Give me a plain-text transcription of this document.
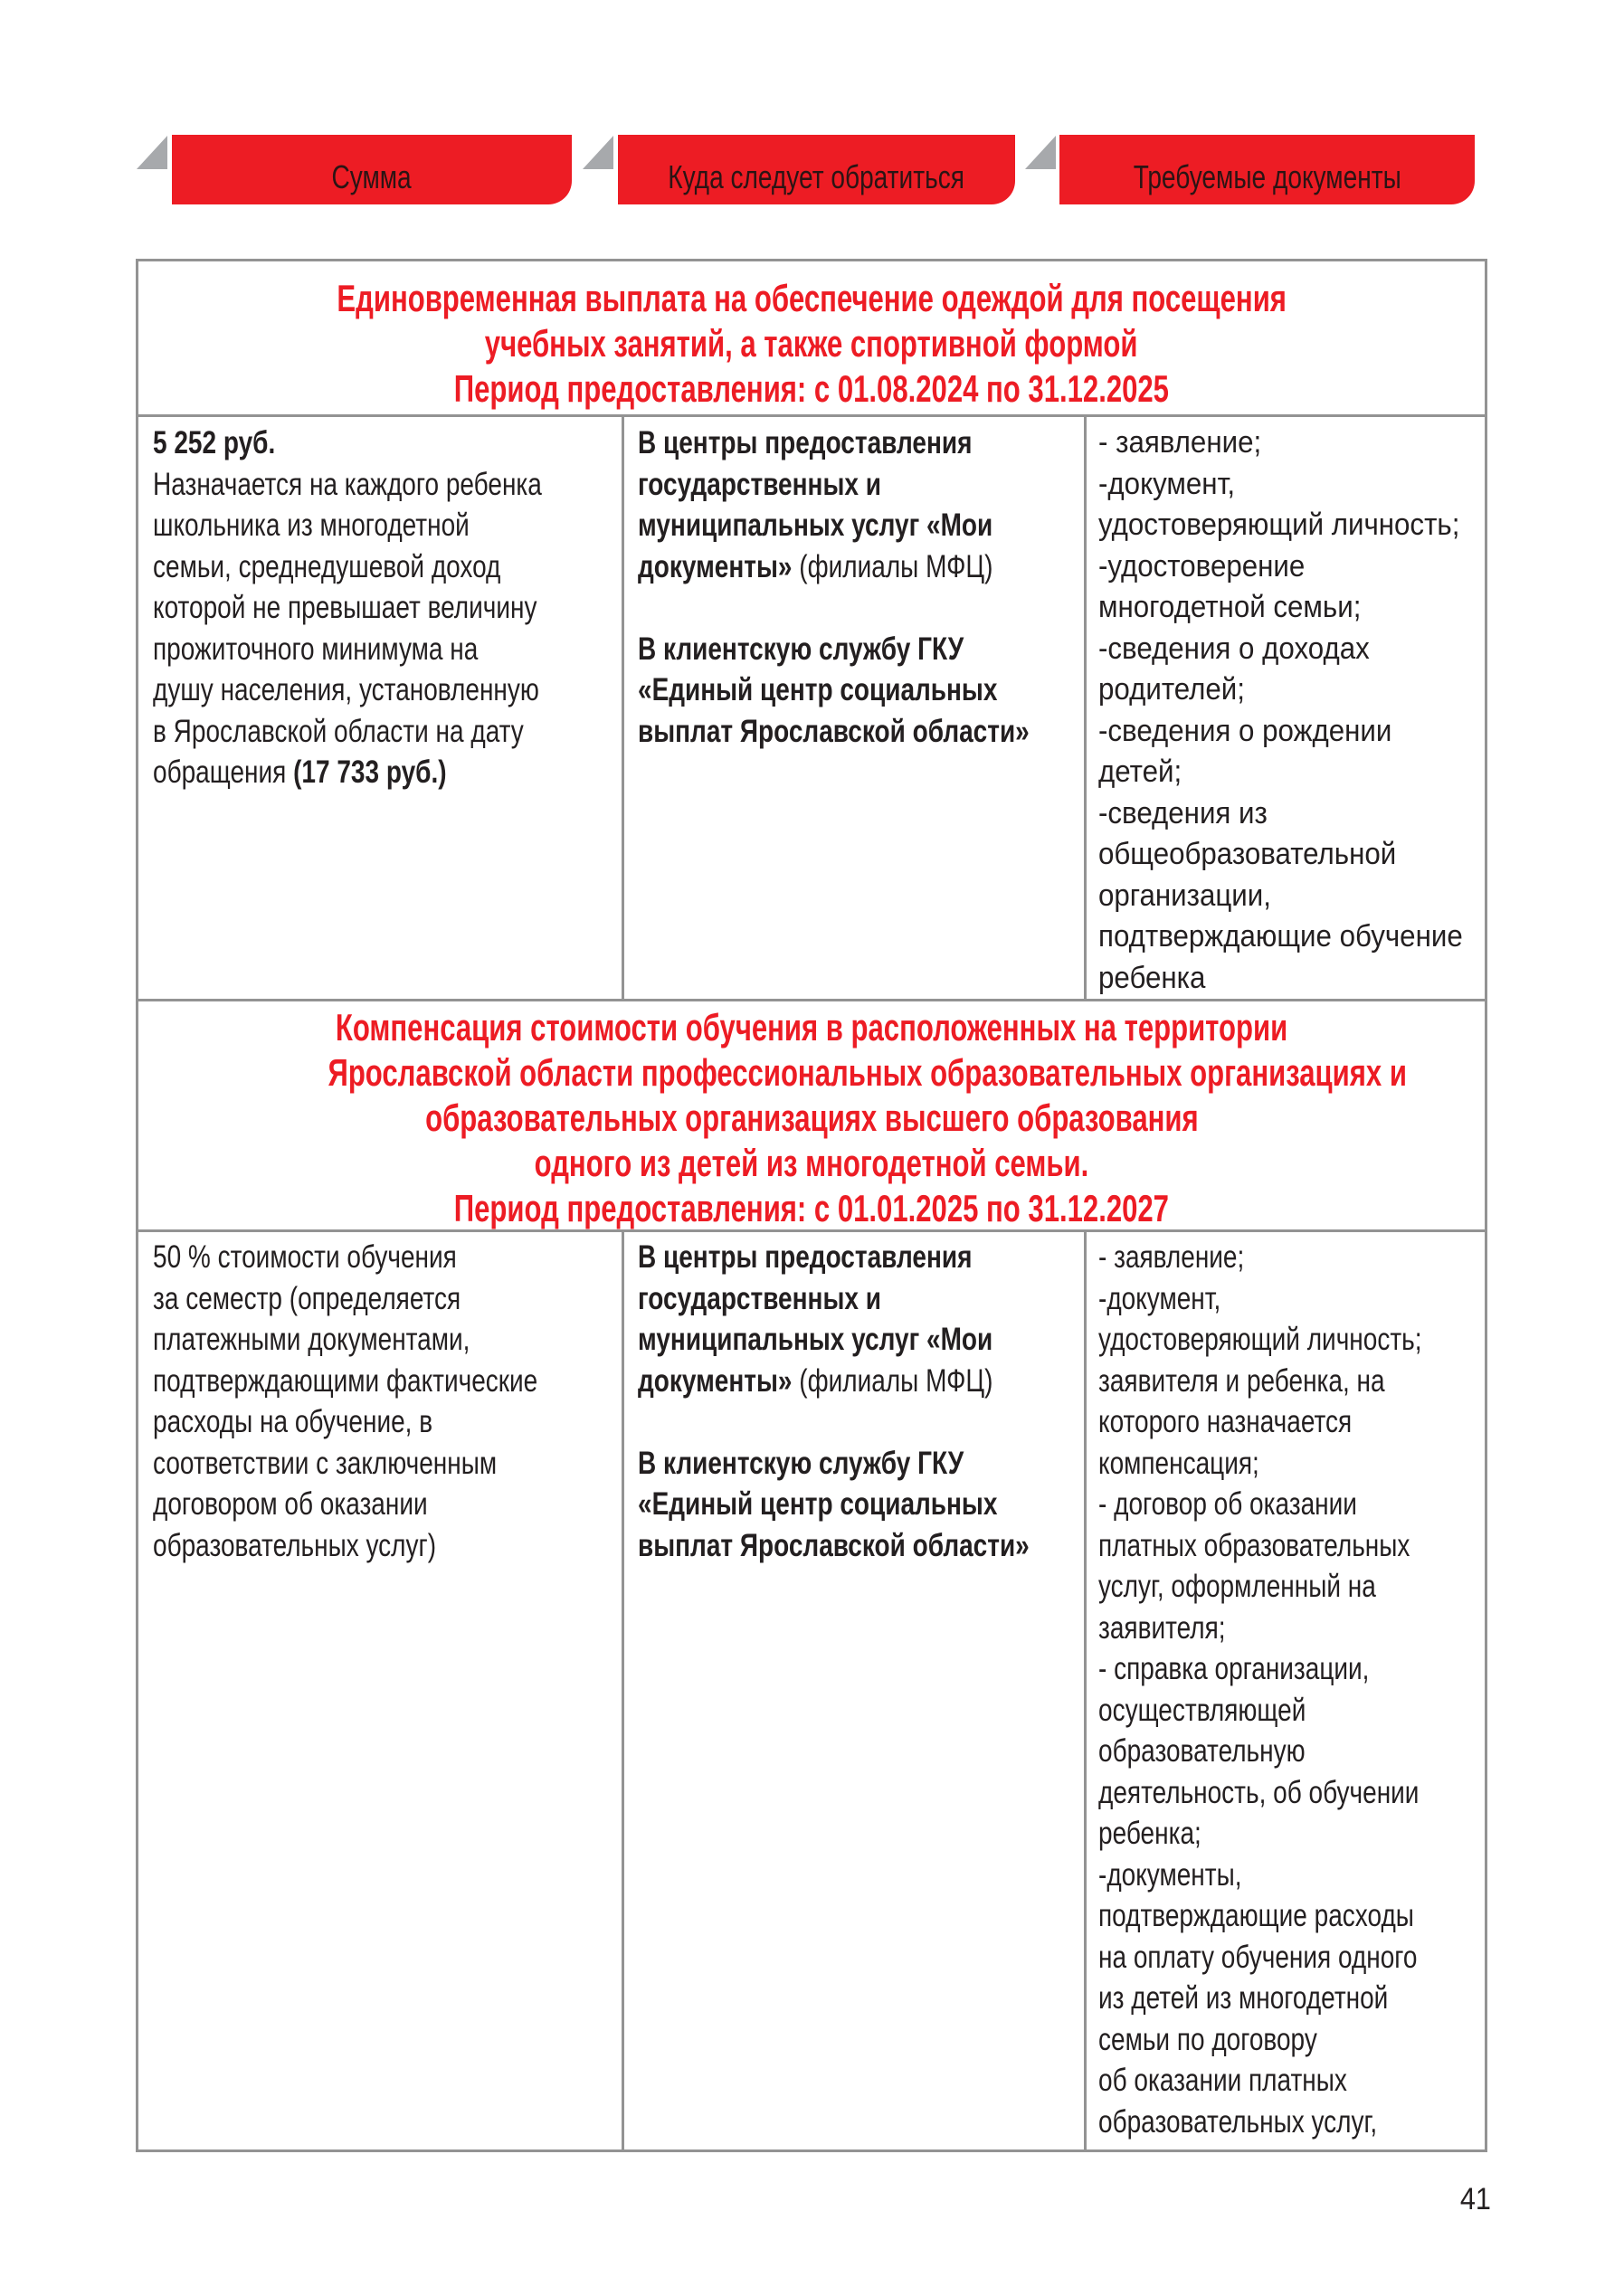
Сумма	Куда следует обратиться	Требуемые документы
Единовременная выплата на обеспечение одеждой для посещения
учебных занятий, а также спортивной формой
Период предоставления: с 01.08.2024 по 31.12.2025
5 252 руб.
Назначается на каждого ребенка
школьника из многодетной
семьи, среднедушевой доход
которой не превышает величину
прожиточного минимума на
душу населения, установленную
в Ярославской области на дату
обращения (17 733 руб.)
В центры предоставления
государственных и
муниципальных услуг «Мои
документы» (филиалы МФЦ)
В клиентскую службу ГКУ
«Единый центр социальных
выплат Ярославской области»
- заявление;
-документ,
удостоверяющий личность;
-удостоверение
многодетной семьи;
-сведения о доходах
родителей;
-сведения о рождении
детей;
-сведения из
общеобразовательной
организации,
подтверждающие обучение
ребенка
Компенсация стоимости обучения в расположенных на территории
Ярославской области профессиональных образовательных организациях и
образовательных организациях высшего образования
одного из детей из многодетной семьи.
Период предоставления: с 01.01.2025 по 31.12.2027
50 % стоимости обучения
за семестр (определяется
платежными документами,
подтверждающими фактические
расходы на обучение, в
соответствии с заключенным
договором об оказании
образовательных услуг)
В центры предоставления
государственных и
муниципальных услуг «Мои
документы» (филиалы МФЦ)
В клиентскую службу ГКУ
«Единый центр социальных
выплат Ярославской области»
- заявление;
-документ,
удостоверяющий личность;
заявителя и ребенка, на
которого назначается
компенсация;
- договор об оказании
платных образовательных
услуг, оформленный на
заявителя;
- справка организации,
осуществляющей
образовательную
деятельность, об обучении
ребенка;
-документы,
подтверждающие расходы
на оплату обучения одного
из детей из многодетной
семьи по договору
об оказании платных
образовательных услуг,
41
